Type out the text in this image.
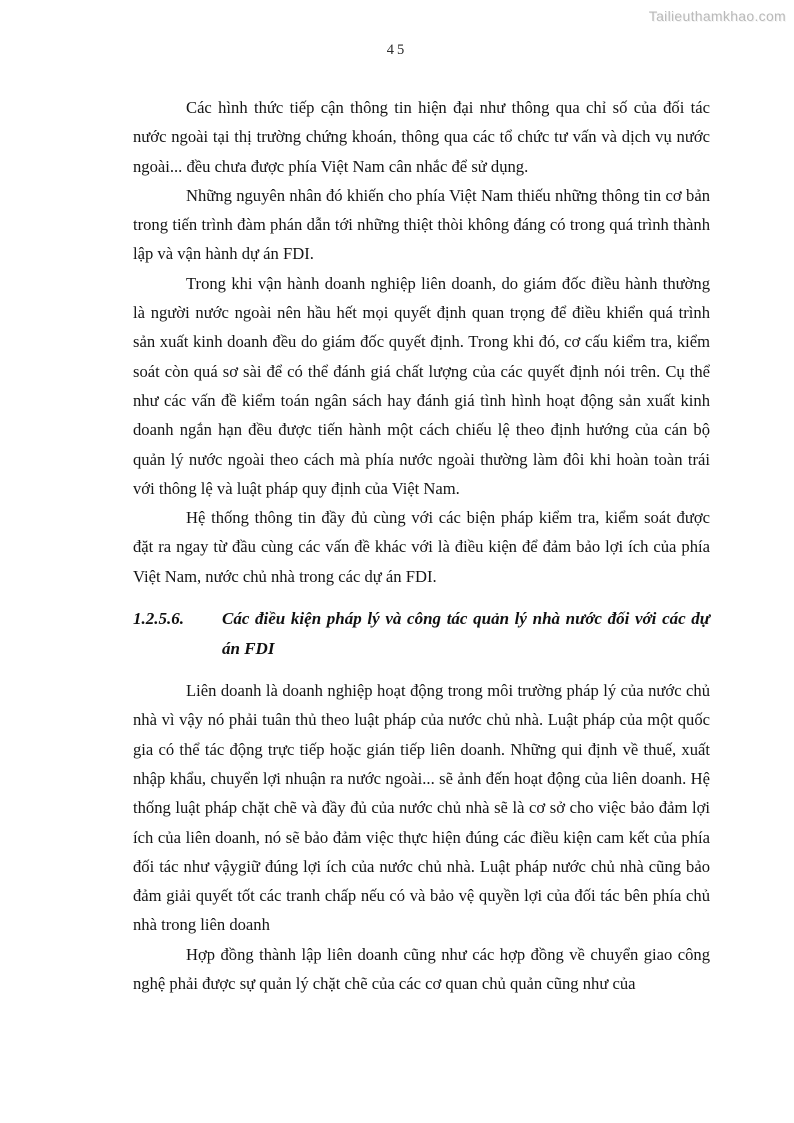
Tailieuthamkhao.com
45

Các hình thức tiếp cận thông tin hiện đại như thông qua chỉ số của đối tác nước ngoài tại thị trường chứng khoán, thông qua các tổ chức tư vấn và dịch vụ nước ngoài... đều chưa được phía Việt Nam cân nhắc để sử dụng.

Những nguyên nhân đó khiến cho phía Việt Nam thiếu những thông tin cơ bản trong tiến trình đàm phán dẫn tới những thiệt thòi không đáng có trong quá trình thành lập và vận hành dự án FDI.

Trong khi vận hành doanh nghiệp liên doanh, do giám đốc điều hành thường là người nước ngoài nên hầu hết mọi quyết định quan trọng để điều khiển quá trình sản xuất kinh doanh đều do giám đốc quyết định. Trong khi đó, cơ cấu kiểm tra, kiểm soát còn quá sơ sài để có thể đánh giá chất lượng của các quyết định nói trên. Cụ thể như các vấn đề kiểm toán ngân sách hay đánh giá tình hình hoạt động sản xuất kinh doanh ngắn hạn đều được tiến hành một cách chiếu lệ theo định hướng của cán bộ quản lý nước ngoài theo cách mà phía nước ngoài thường làm đôi khi hoàn toàn trái với thông lệ và luật pháp quy định của Việt Nam.

Hệ thống thông tin đầy đủ cùng với các biện pháp kiểm tra, kiểm soát được đặt ra ngay từ đầu cùng các vấn đề khác với là điều kiện để đảm bảo lợi ích của phía Việt Nam, nước chủ nhà trong các dự án FDI.

1.2.5.6.	Các điều kiện pháp lý và công tác quản lý nhà nước đối với các dự án FDI

Liên doanh là doanh nghiệp hoạt động trong môi trường pháp lý của nước chủ nhà vì vậy nó phải tuân thủ theo luật pháp của nước chủ nhà. Luật pháp của một quốc gia có thể tác động trực tiếp hoặc gián tiếp liên doanh. Những qui định về thuế, xuất nhập khẩu, chuyển lợi nhuận ra nước ngoài... sẽ ảnh đến hoạt động của liên doanh. Hệ thống luật pháp chặt chẽ và đầy đủ của nước chủ nhà sẽ là cơ sở cho việc bảo đảm lợi ích của liên doanh, nó sẽ bảo đảm việc thực hiện đúng các điều kiện cam kết của phía đối tác như vậygiữ đúng lợi ích của nước chủ nhà. Luật pháp nước chủ nhà cũng bảo đảm giải quyết tốt các tranh chấp nếu có và bảo vệ quyền lợi của đối tác bên phía chủ nhà trong liên doanh

Hợp đồng thành lập liên doanh cũng như các hợp đồng về chuyển giao công nghệ phải được sự quản lý chặt chẽ của các cơ quan chủ quản cũng như của
